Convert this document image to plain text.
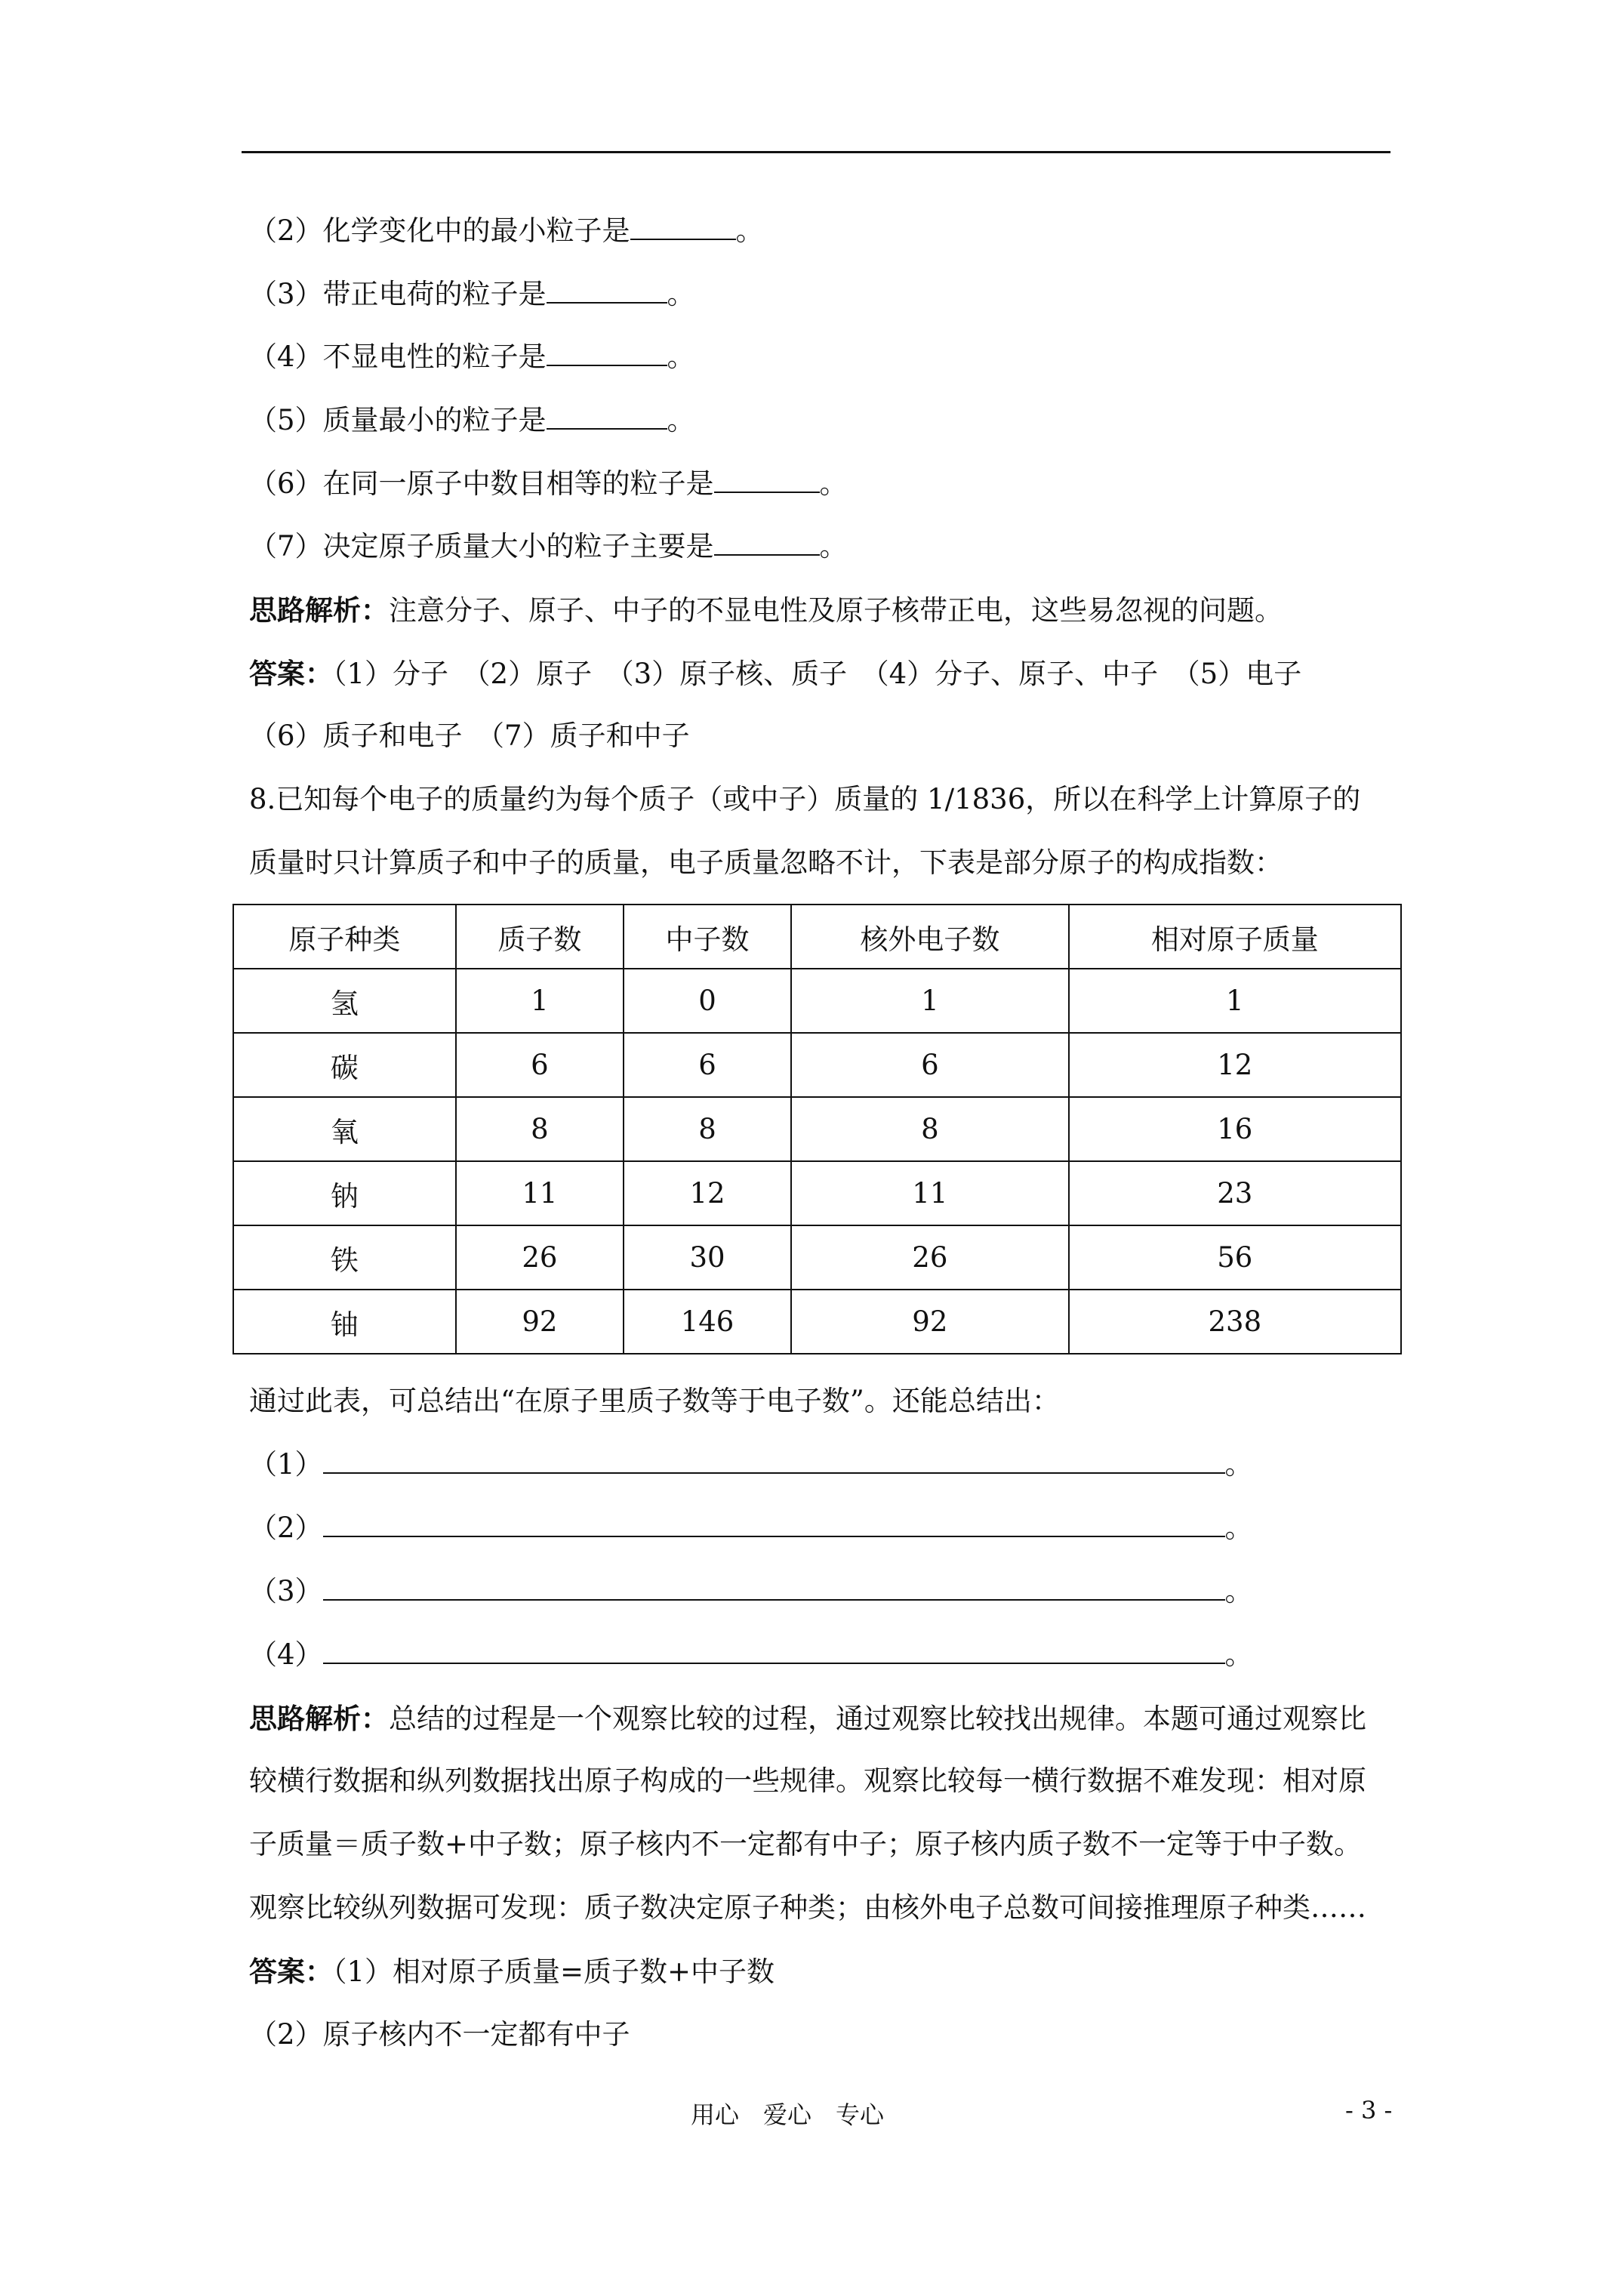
（2）化学变化中的最小粒子是	。
（3）带正电荷的粒子是	。
（4）不显电性的粒子是	。
（5）质量最小的粒子是	。
（6）在同一原子中数目相等的粒子是	。
（7）决定原子质量大小的粒子主要是	。
思路解析：注意分子、原子、中子的不显电性及原子核带正电，这些易忽视的问题。
答案：（1）分子　（2）原子　（3）原子核、质子　（4）分子、原子、中子　（5）电子
（6）质子和电子　（7）质子和中子
8.已知每个电子的质量约为每个质子（或中子）质量的 1/1836，所以在科学上计算原子的
质量时只计算质子和中子的质量，电子质量忽略不计，下表是部分原子的构成指数：
原子种类	质子数	中子数	核外电子数	相对原子质量
氢	1	0	1	1
碳	6	6	6	12
氧	8	8	8	16
钠	11	12	11	23
铁	26	30	26	56
铀	92	146	92	238
通过此表，可总结出“在原子里质子数等于电子数”。还能总结出：
（1）	。
（2）	。
（3）	。
（4）	。
思路解析：总结的过程是一个观察比较的过程，通过观察比较找出规律。本题可通过观察比
较横行数据和纵列数据找出原子构成的一些规律。观察比较每一横行数据不难发现：相对原
子质量＝质子数+中子数；原子核内不一定都有中子；原子核内质子数不一定等于中子数。
观察比较纵列数据可发现：质子数决定原子种类；由核外电子总数可间接推理原子种类……
答案：（1）相对原子质量=质子数+中子数
（2）原子核内不一定都有中子
用心　爱心　专心	- 3 -
